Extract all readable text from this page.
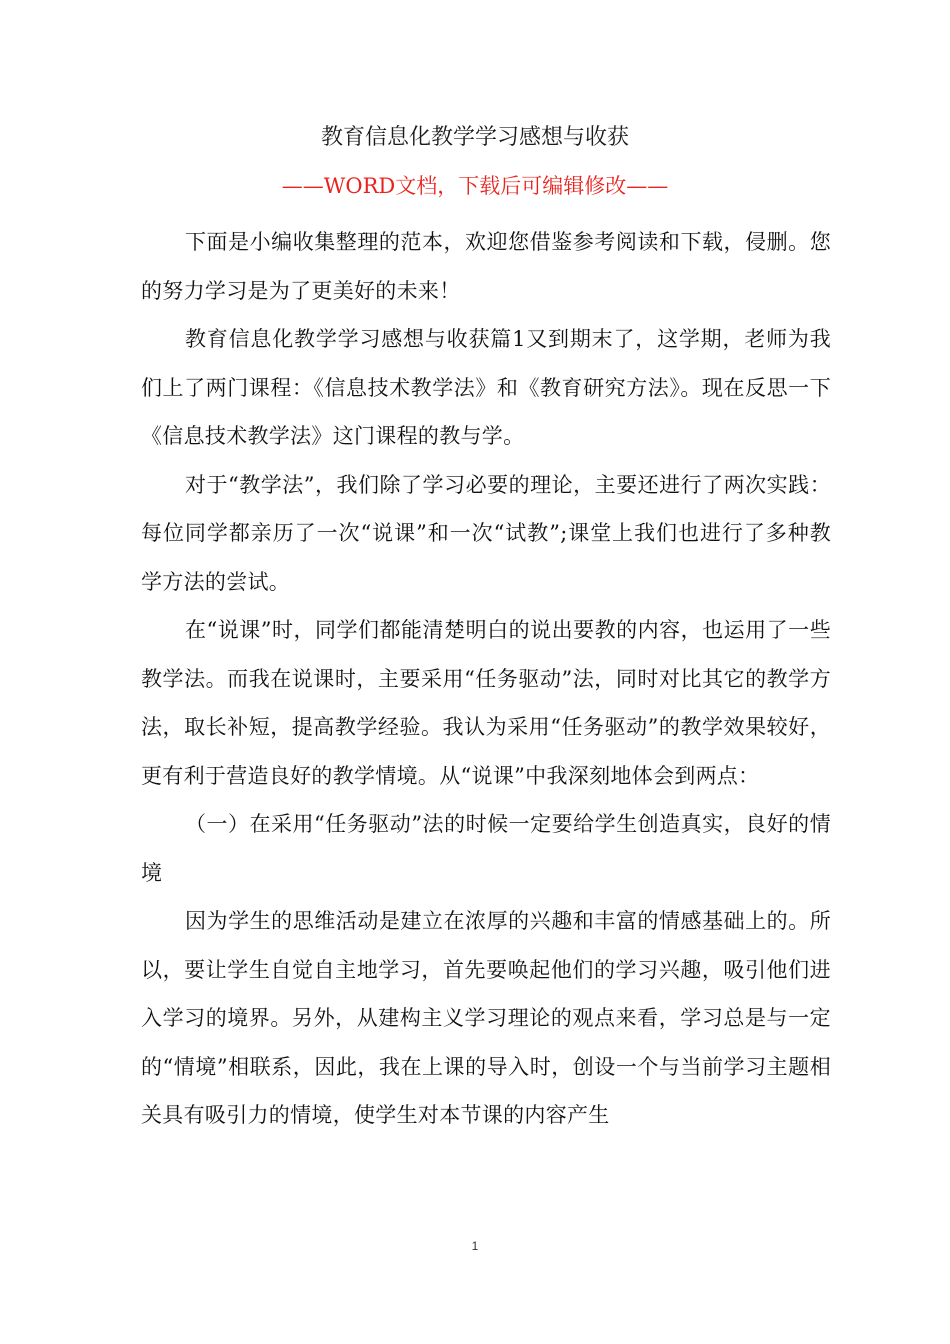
教育信息化教学学习感想与收获
——WORD文档，下载后可编辑修改——

下面是小编收集整理的范本，欢迎您借鉴参考阅读和下载，侵删。您的努力学习是为了更美好的未来！

教育信息化教学学习感想与收获篇1又到期末了，这学期，老师为我们上了两门课程：《信息技术教学法》和《教育研究方法》。现在反思一下《信息技术教学法》这门课程的教与学。

对于“教学法”，我们除了学习必要的理论，主要还进行了两次实践：每位同学都亲历了一次“说课”和一次“试教”;课堂上我们也进行了多种教学方法的尝试。

在“说课”时，同学们都能清楚明白的说出要教的内容，也运用了一些教学法。而我在说课时，主要采用“任务驱动”法，同时对比其它的教学方法，取长补短，提高教学经验。我认为采用“任务驱动”的教学效果较好，更有利于营造良好的教学情境。从“说课”中我深刻地体会到两点：

（一）在采用“任务驱动”法的时候一定要给学生创造真实，良好的情境

因为学生的思维活动是建立在浓厚的兴趣和丰富的情感基础上的。所以，要让学生自觉自主地学习，首先要唤起他们的学习兴趣，吸引他们进入学习的境界。另外，从建构主义学习理论的观点来看，学习总是与一定的“情境”相联系，因此，我在上课的导入时，创设一个与当前学习主题相关具有吸引力的情境，使学生对本节课的内容产生

1
